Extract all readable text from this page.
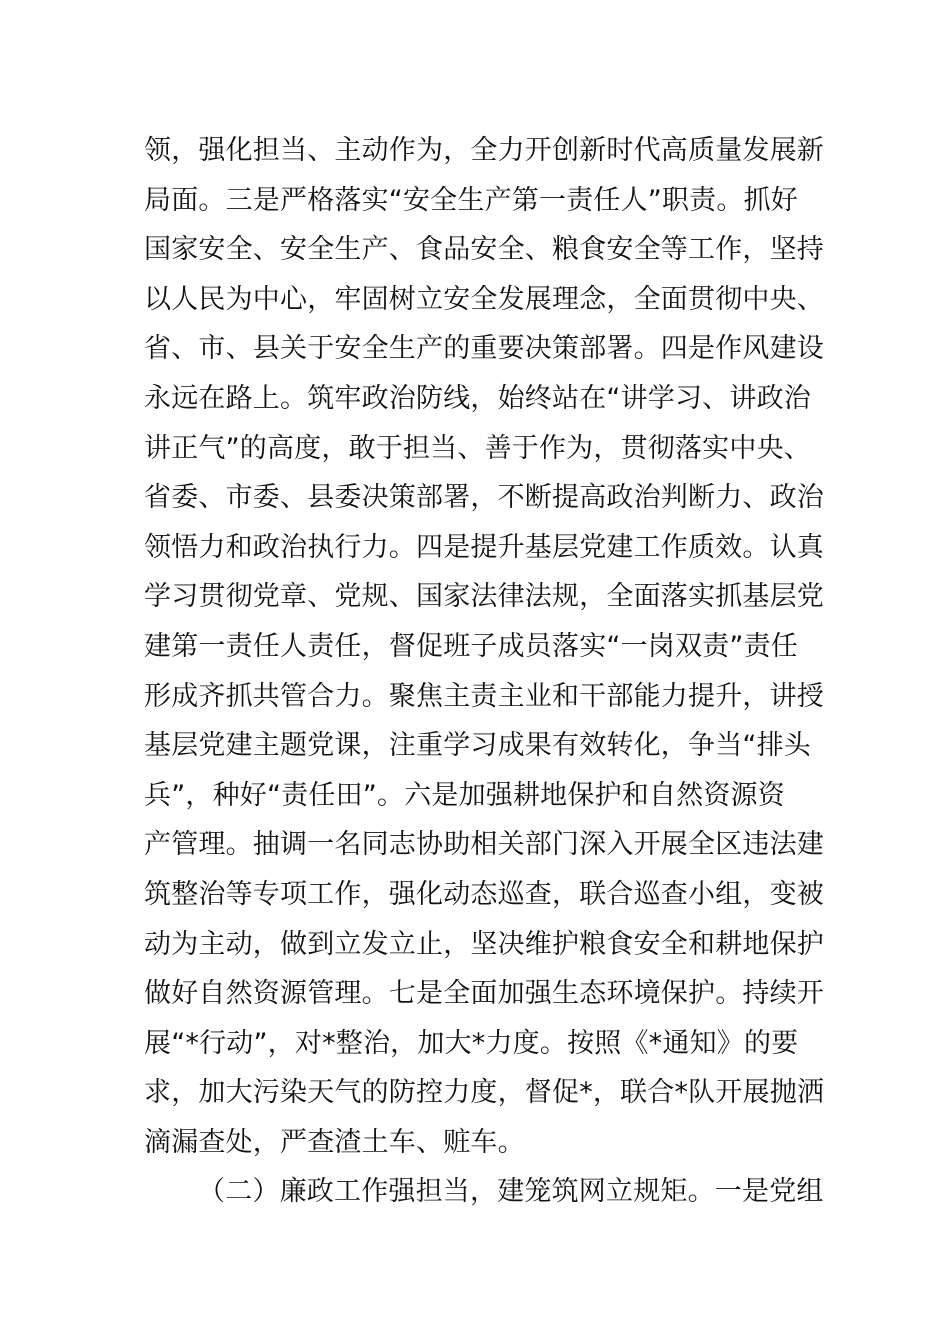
领，强化担当、主动作为，全力开创新时代高质量发展新
局面。三是严格落实“安全生产第一责任人”职责。抓好
国家安全、安全生产、食品安全、粮食安全等工作，坚持
以人民为中心，牢固树立安全发展理念，全面贯彻中央、
省、市、县关于安全生产的重要决策部署。四是作风建设
永远在路上。筑牢政治防线，始终站在“讲学习、讲政治
讲正气”的高度，敢于担当、善于作为，贯彻落实中央、
省委、市委、县委决策部署，不断提高政治判断力、政治
领悟力和政治执行力。四是提升基层党建工作质效。认真
学习贯彻党章、党规、国家法律法规，全面落实抓基层党
建第一责任人责任，督促班子成员落实“一岗双责”责任
形成齐抓共管合力。聚焦主责主业和干部能力提升，讲授
基层党建主题党课，注重学习成果有效转化，争当“排头
兵”，种好“责任田”。六是加强耕地保护和自然资源资
产管理。抽调一名同志协助相关部门深入开展全区违法建
筑整治等专项工作，强化动态巡查，联合巡查小组，变被
动为主动，做到立发立止，坚决维护粮食安全和耕地保护
做好自然资源管理。七是全面加强生态环境保护。持续开
展“*行动”，对*整治，加大*力度。按照《*通知》的要
求，加大污染天气的防控力度，督促*，联合*队开展抛洒
滴漏查处，严查渣土车、赃车。
（二）廉政工作强担当，建笼筑网立规矩。一是党组
